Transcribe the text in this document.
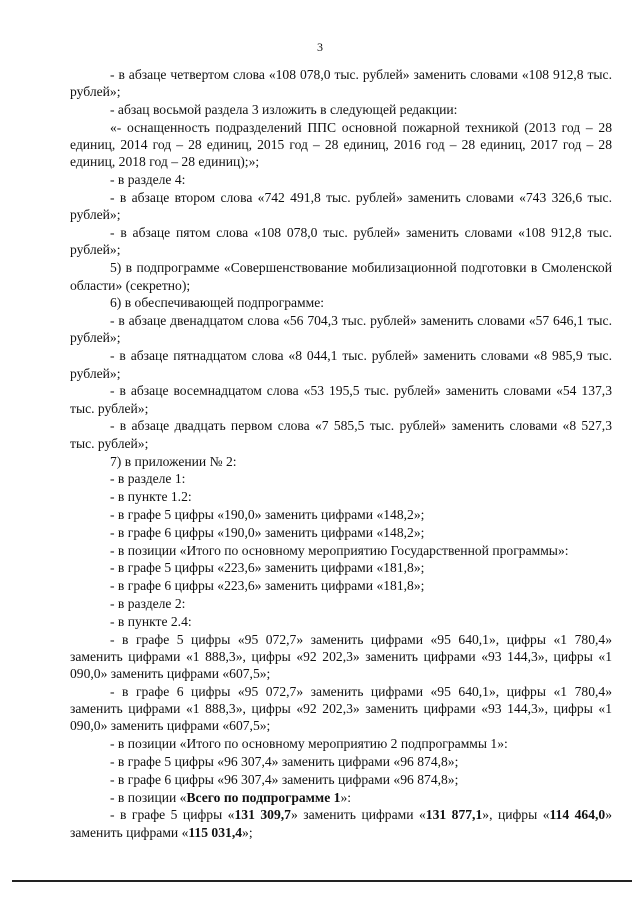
3

- в абзаце четвертом слова «108 078,0 тыс. рублей» заменить словами «108 912,8 тыс. рублей»;

- абзац восьмой раздела 3 изложить в следующей редакции:

«- оснащенность подразделений ППС основной пожарной техникой (2013 год – 28 единиц, 2014 год – 28 единиц, 2015 год – 28 единиц, 2016 год – 28 единиц, 2017 год – 28 единиц, 2018 год – 28 единиц);»;

- в разделе 4:

- в абзаце втором слова «742 491,8 тыс. рублей» заменить словами «743 326,6 тыс. рублей»;

- в абзаце пятом слова «108 078,0 тыс. рублей» заменить словами «108 912,8 тыс. рублей»;

5) в подпрограмме «Совершенствование мобилизационной подготовки в Смоленской области» (секретно);

6) в обеспечивающей подпрограмме:

- в абзаце двенадцатом слова «56 704,3 тыс. рублей» заменить словами «57 646,1 тыс. рублей»;

- в абзаце пятнадцатом слова «8 044,1 тыс. рублей» заменить словами «8 985,9 тыс. рублей»;

- в абзаце восемнадцатом слова «53 195,5 тыс. рублей» заменить словами «54 137,3 тыс. рублей»;

- в абзаце двадцать первом слова «7 585,5 тыс. рублей» заменить словами «8 527,3 тыс. рублей»;

7) в приложении № 2:

- в разделе 1:

- в пункте 1.2:

- в графе 5 цифры «190,0» заменить цифрами «148,2»;

- в графе 6 цифры «190,0» заменить цифрами «148,2»;

- в позиции «Итого по основному мероприятию Государственной программы»:

- в графе 5 цифры «223,6» заменить цифрами «181,8»;

- в графе 6 цифры «223,6» заменить цифрами «181,8»;

- в разделе 2:

- в пункте 2.4:

- в графе 5 цифры «95 072,7» заменить цифрами «95 640,1», цифры «1 780,4» заменить цифрами «1 888,3», цифры «92 202,3» заменить цифрами «93 144,3», цифры «1 090,0» заменить цифрами «607,5»;

- в графе 6 цифры «95 072,7» заменить цифрами «95 640,1», цифры «1 780,4» заменить цифрами «1 888,3», цифры «92 202,3» заменить цифрами «93 144,3», цифры «1 090,0» заменить цифрами «607,5»;

- в позиции «Итого по основному мероприятию 2 подпрограммы 1»:

- в графе 5 цифры «96 307,4» заменить цифрами «96 874,8»;

- в графе 6 цифры «96 307,4» заменить цифрами «96 874,8»;

- в позиции «Всего по подпрограмме 1»:

- в графе 5 цифры «131 309,7» заменить цифрами «131 877,1», цифры «114 464,0» заменить цифрами «115 031,4»;
